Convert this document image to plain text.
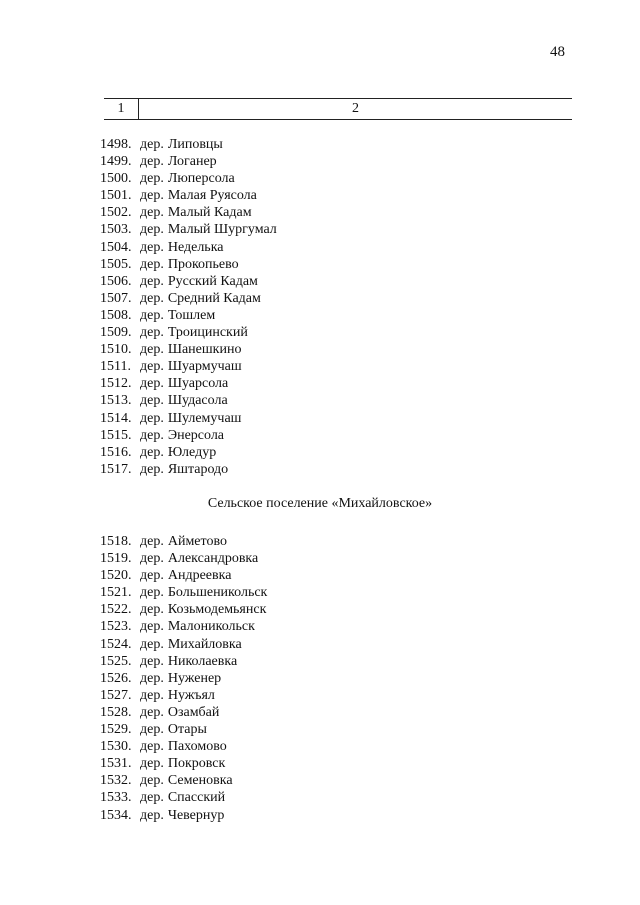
48
1	2
1498. дер. Липовцы
1499. дер. Логанер
1500. дер. Люперсола
1501. дер. Малая Руясола
1502. дер. Малый Кадам
1503. дер. Малый Шургумал
1504. дер. Неделька
1505. дер. Прокопьево
1506. дер. Русский Кадам
1507. дер. Средний Кадам
1508. дер. Тошлем
1509. дер. Троицинский
1510. дер. Шанешкино
1511. дер. Шуармучаш
1512. дер. Шуарсола
1513. дер. Шудасола
1514. дер. Шулемучаш
1515. дер. Энерсола
1516. дер. Юледур
1517. дер. Яштародо
Сельское поселение «Михайловское»
1518. дер. Айметово
1519. дер. Александровка
1520. дер. Андреевка
1521. дер. Большеникольск
1522. дер. Козьмодемьянск
1523. дер. Малоникольск
1524. дер. Михайловка
1525. дер. Николаевка
1526. дер. Нуженер
1527. дер. Нужъял
1528. дер. Озамбай
1529. дер. Отары
1530. дер. Пахомово
1531. дер. Покровск
1532. дер. Семеновка
1533. дер. Спасский
1534. дер. Чевернур
